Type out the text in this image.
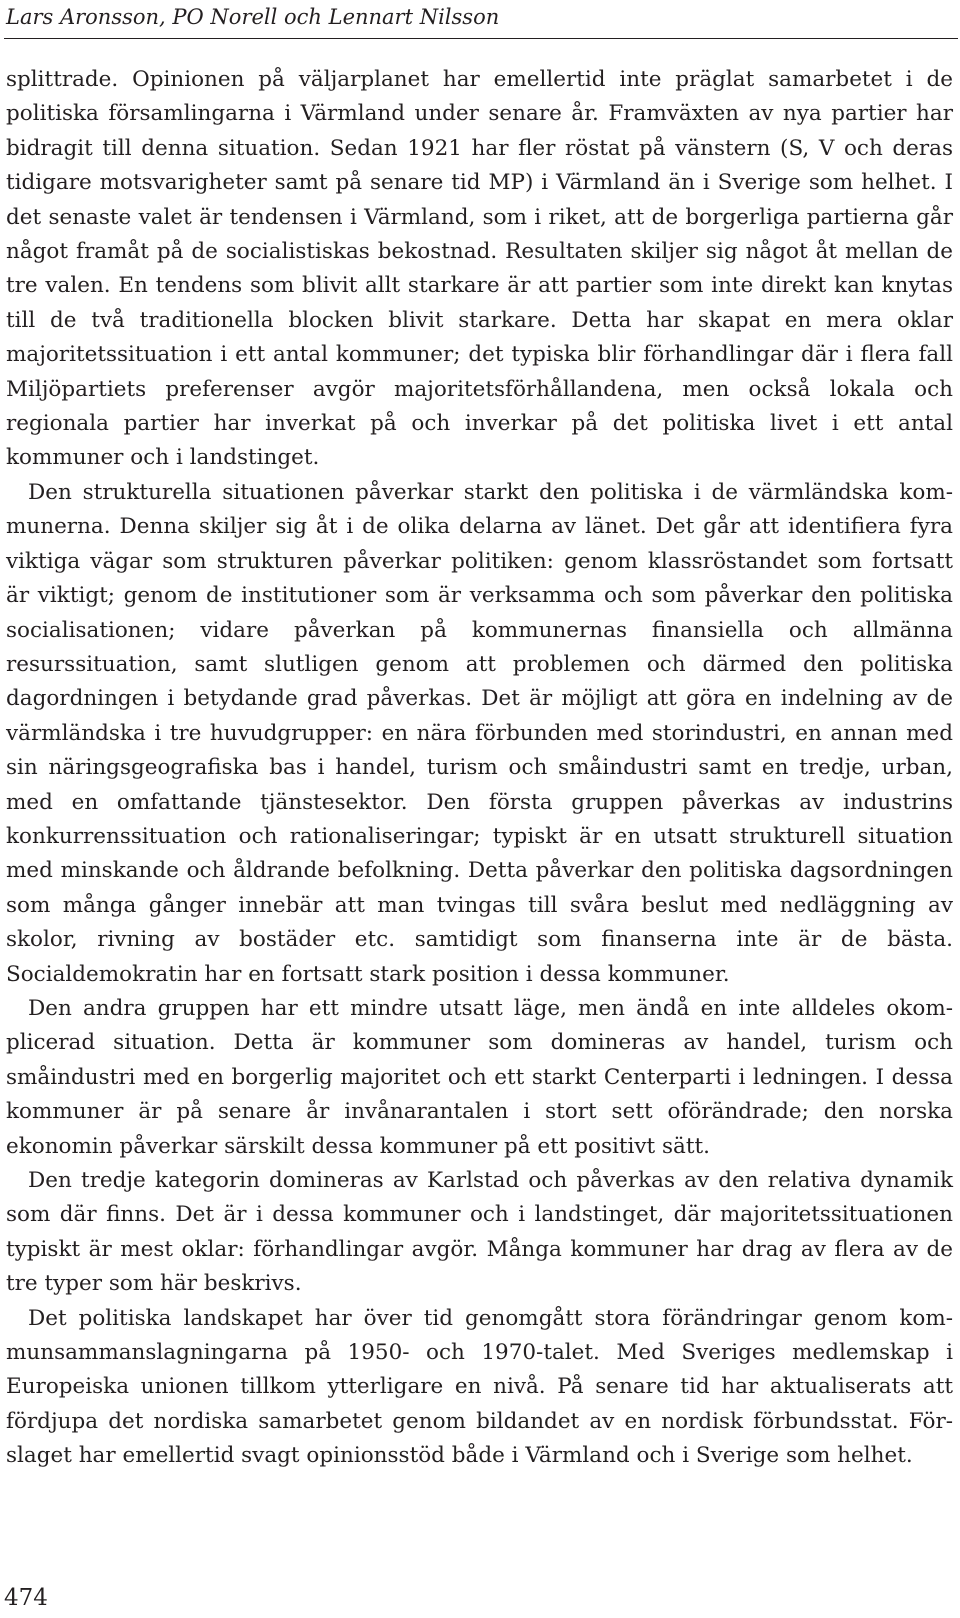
Lars Aronsson, PO Norell och Lennart Nilsson

splittrade. Opinionen på väljarplanet har emellertid inte präglat samarbetet i de politiska församlingarna i Värmland under senare år. Framväxten av nya partier har bidragit till denna situation. Sedan 1921 har fler röstat på vänstern (S, V och deras tidigare motsvarigheter samt på senare tid MP) i Värmland än i Sverige som helhet. I det senaste valet är tendensen i Värmland, som i riket, att de borgerliga partierna går något framåt på de socialistiskas bekostnad. Resultaten skiljer sig något åt mellan de tre valen. En tendens som blivit allt starkare är att partier som inte direkt kan knytas till de två traditionella blocken blivit starkare. Detta har skapat en mera oklar majoritetssituation i ett antal kommuner; det typiska blir förhandlingar där i flera fall Miljöpartiets preferenser avgör majoritetsförhållandena, men också lokala och regionala partier har inverkat på och inverkar på det politiska livet i ett antal kommuner och i landstinget.

Den strukturella situationen påverkar starkt den politiska i de värmländska kommunerna. Denna skiljer sig åt i de olika delarna av länet. Det går att identifiera fyra viktiga vägar som strukturen påverkar politiken: genom klassröstandet som fortsatt är viktigt; genom de institutioner som är verksamma och som påverkar den politiska socialisationen; vidare påverkan på kommunernas finansiella och allmänna resurssituation, samt slutligen genom att problemen och därmed den politiska dagordningen i betydande grad påverkas. Det är möjligt att göra en indelning av de värmländska i tre huvudgrupper: en nära förbunden med storindustri, en annan med sin näringsgeografiska bas i handel, turism och småindustri samt en tredje, urban, med en omfattande tjänstesektor. Den första gruppen påverkas av industrins konkurrenssituation och rationaliseringar; typiskt är en utsatt strukturell situation med minskande och åldrande befolkning. Detta påverkar den politiska dagsordningen som många gånger innebär att man tvingas till svåra beslut med nedläggning av skolor, rivning av bostäder etc. samtidigt som finanserna inte är de bästa. Socialdemokratin har en fortsatt stark position i dessa kommuner.

Den andra gruppen har ett mindre utsatt läge, men ändå en inte alldeles okomplicerad situation. Detta är kommuner som domineras av handel, turism och småindustri med en borgerlig majoritet och ett starkt Centerparti i ledningen. I dessa kommuner är på senare år invånarantalen i stort sett oförändrade; den norska ekonomin påverkar särskilt dessa kommuner på ett positivt sätt.

Den tredje kategorin domineras av Karlstad och påverkas av den relativa dynamik som där finns. Det är i dessa kommuner och i landstinget, där majoritetssituationen typiskt är mest oklar: förhandlingar avgör. Många kommuner har drag av flera av de tre typer som här beskrivs.

Det politiska landskapet har över tid genomgått stora förändringar genom kommunsammanslagningarna på 1950- och 1970-talet. Med Sveriges medlemskap i Europeiska unionen tillkom ytterligare en nivå. På senare tid har aktualiserats att fördjupa det nordiska samarbetet genom bildandet av en nordisk förbundsstat. Förslaget har emellertid svagt opinionsstöd både i Värmland och i Sverige som helhet.

474
